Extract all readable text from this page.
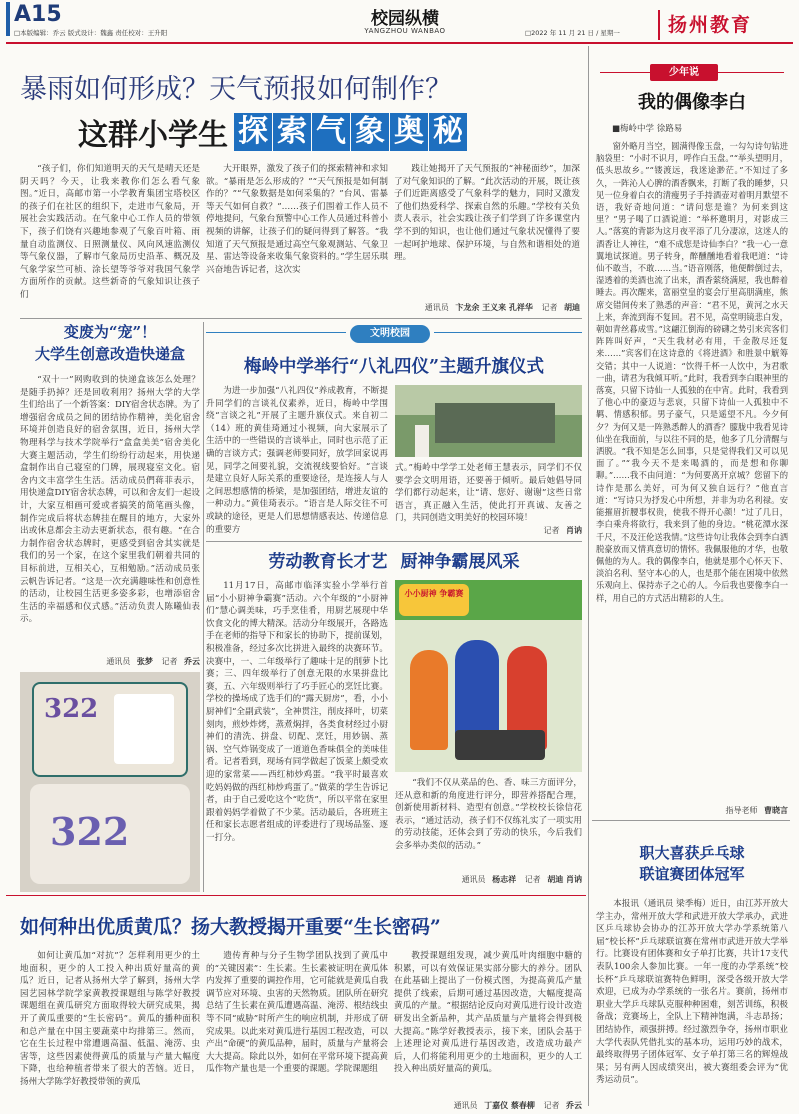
A15
□本版编辑：乔云 版式设计：魏鑫 责任校对：王升阳
校园纵横
YANGZHOU WANBAO	□2022 年 11 月 21 日 / 星期一	扬州教育
暴雨如何形成？天气预报如何制作？
这群小学生 探 索 气 象 奥 秘

“孩子们，你们知道明天的天气是晴天还是阴天吗？今天，让我来教你们怎么看气象图。”近日，高邮市第一小学教育集团宝塔校区的孩子们在社区的组织下，走进市气象局，开展社会实践活动。在气象中心工作人员的带领下，孩子们饶有兴趣地参观了气象百叶箱、雨量自动监测仪、日照测量仪、风向风速监测仪等气象仪器，了解市气象局历史沿革、概况及气象学家竺可桢、涂长望等爷爷对我国气象学方面所作的贡献。这些新奇的气象知识让孩子们

大开眼界，激发了孩子们的探索精神和求知欲。“暴雨是怎么形成的？”“天气预报是如何制作的？”“气象数据是如何采集的？”台风、雷暴等天气如何自救？”……孩子们围着工作人员不停地提问，气象台预警中心工作人员通过科普小视频的讲解，让孩子们的疑问得到了解答。“我知道了天气预报是通过高空气象观测站、气象卫星、雷达等设备来收集气象资料的。”学生居乐琪兴奋地告诉记者，这次实

践让她揭开了天气预报的“神秘面纱”，加深了对气象知识的了解。“此次活动的开展，既让孩子们近距离感受了气象科学的魅力，同时又激发了他们热爱科学、探索自然的乐趣。”学校有关负责人表示，社会实践让孩子们学到了许多课堂内学不到的知识，也让他们通过气象状况懂得了要一起呵护地球、保护环境，与自然和谐相处的道理。

通讯员 卞龙余 王义来 孔祥华 记者 胡迪
变废为“宠”！
大学生创意改造快递盒

“双十一”网购收到的快递盒该怎么处理？是随手扔掉？还是回收利用？扬州大学的大学生们给出了一个新答案：DIY宿舍状态牌。为了增强宿舍成员之间的团结协作精神，美化宿舍环境并创造良好的宿舍氛围，近日，扬州大学物理科学与技术学院举行“盒盒美美”宿舍美化大赛主题活动，学生们纷纷行动起来，用快递盒制作出自己寝室的门牌，展现寝室文化。宿舍内文丰富学生生活。活动成员們蒋菲表示，用快递盒DIY宿舍状态牌，可以和舍友们一起设计，大家互相画可爱或者搞笑的简笔画头像，制作完成后将状态牌挂在醒目的地方，大家外出或休息都会主动去更新状态，很有趣。“在合力制作宿舍状态牌时，更感受到宿舍其实就是我们的另一个家，在这个家里我们朝着共同的目标前进，互相关心，互相勉励。”活动成员张云帆告诉记者。“这是一次充满趣味性和创意性的活动，让校园生活更多姿多彩，也增添宿舍生活的幸福感和仪式感。”活动负责人陈曦仙表示。

通讯员 张梦 记者 乔云
322
322
文明校园
梅岭中学举行“八礼四仪”主题升旗仪式

为进一步加强“八礼四仪”养成教育，不断提升同学们的言谈礼仪素养，近日，梅岭中学围绕“言谈之礼”开展了主题升旗仪式。来自初二（14）班的黄佳琦通过小视频，向大家展示了生活中的一些错误的言谈举止，同时也示范了正确的言谈方式；强调老师要同好，放学回家说再见，同学之间要礼貌，交流视线要恰好。“言谈是建立良好人际关系的重要途径，是连接人与人之间思想感情的桥梁，是加强团结，增进友谊的一种动力。”黄佳琦表示。“语言是人际交往不可或缺的途径，更是人们思想情感表达、传递信息的重要方

式。”梅岭中学学工处老师王慧表示，同学们不仅要学会文明用语，还要善于倾听。最后她倡导同学们都行动起来，让“请、您好、谢谢”这些日常语言，真正融入生活，使此打开真诚、友善之门，共同创造文明美好的校园环境！

记者 肖讷
劳动教育长才艺 厨神争霸展风采

11月17日，高邮市临泽实验小学举行首届“小小厨神争霸赛”活动。六个年级的“小厨神们”慧心调美味，巧手烹佳肴，用厨艺展现中华饮食文化的博大精深。活动分年级展开，各路选手在老师的指导下和家长的协助下，提前谋划，积极准备，经过多次比拼进入最终的决赛环节。决赛中，一、二年级举行了趣味十足的削萝卜比赛；三、四年级举行了创意无限的水果拼盘比赛，五、六年级则举行了巧手匠心的烹饪比赛。学校的操场成了选手们的“露天厨房”，看，小小厨神们“全副武装”，全神贯注，削皮择叶，切菜刻肉，煎炒炸烤，蒸煮焖拌，各类食材经过小厨神们的清洗、拼盘、切配、烹饪，用妙锅、蒸锅、空气炸锅变成了一道道色香味俱全的美味佳肴。记者看到，现场有同学做起了饭菜上颇受欢迎的家常菜——西红柿炒鸡蛋。“我平时最喜欢吃妈妈做的西红柿炒鸡蛋了。”做菜的学生告诉记者，由于自己爱吃这个“吃货”，所以平常在家里跟着妈妈学着做了不少菜。活动最后，各班班主任和家长志愿者组成的评委进行了现场品鉴、逐一打分。

小小厨神 争霸赛

“我们不仅从菜品的色、香、味三方面评分，还从意和新的角度进行评分，即营养搭配合理，创新使用新材料、造型有创意。”学校校长徐信花表示，“通过活动，孩子们不仅练礼实了一项实用的劳动技能，还体会到了劳动的快乐，今后我们会多举办类似的活动。”

通讯员 杨志祥 记者 胡迪 肖讷
如何种出优质黄瓜？扬大教授揭开重要“生长密码”

如何让黄瓜加“对抗”？怎样利用更少的土地面积，更少的人工投入种出质好量高的黄瓜？近日，记者从扬州大学了解到，扬州大学园艺园林学院学家黄教授课题组与陈学好教授课题组在黄瓜研究方面取得较大研究成果，揭开了黄瓜重要的“生长密码”。黄瓜的播种面积和总产量在中国主要蔬菜中均排第三。然而，它在生长过程中常遭遇高温、低温、淹涝、虫害等，这些因素使得黄瓜的质量与产量大幅度下降，也给种植者带来了很大的苦恼。近日，扬州大学陈学好教授带领的黄瓜

遗传育种与分子生物学团队找到了黄瓜中的“关键因素”：生长素。生长素被证明在黄瓜体内发挥了重要的调控作用，它可能就是黄瓜自我调节应对环境、虫害的天然物质。团队所在研究总结了生长素在黄瓜遭遇高温、淹涝、根结线虫等不同“威胁”时所产生的响应机制，并形成了研究成果。以此来对黄瓜进行基因工程改造，可以产出“命硬”的黄瓜品种，届时，质量与产量将会大大提高。除此以外，如何在平常环境下提高黄瓜作物产量也是一个重要的课题。学院课题组

教授课题组发现，减少黄瓜叶肉细胞中糖的积累，可以有效保证果实部分膨大的养分。团队在此基础上提出了一份模式图，为提高黄瓜产量提供了线索，后期可通过基因改造，大幅度提高黄瓜的产量。“根据结论反向对黄瓜进行设计改造研发出全新品种，其产品质量与产量将会得到极大提高。”陈学好教授表示，接下来，团队会基于上述理论对黄瓜进行基因改造，改造成功最产后，人们将能利用更少的土地面积，更少的人工投入种出质好量高的黄瓜。

通讯员 丁嘉仪 蔡春柳 记者 乔云
少年说
我的偶像李白
■梅岭中学 徐路易

窗外略月当空，圆满得像玉盘，一勾勾诗句钻进脑袋里：“小时不识月，呼作白玉盘。”“举头望明月，低头思故乡。”“镂渡远，我迷途渺茫。”不知过了多久，一阵沁人心脾的酒香飘来，打断了我的睡梦，只见一位身着白衣的清瘦男子手持酒壶对着明月默望不语，我好奇地问道：“请问您是谁？为何来到这里？”男子喝了口酒说道：“举杯邀明月，对影成三人。”落寞的背影为这月夜平添了几分凄凉，这迷人的酒香让人神往，“难不成您是诗仙李白？”我一心一意翼地试探道。男子转身，醉醺醺地看着我吧道：“诗仙不敢当，不敢……当。”语音刚落，他便醉倒过去，湿透着的美酒也流了出来，酒香萦绕满屋，我也醉着睡去。再次醒来，富丽堂皇的宴会厅里高朋满座，熊席交错间传来了熟悉的声音：“君不见，黄河之水天上来，奔流到海不复回。君不见，高堂明镜悲白发，朝如青丝暮成雪。”这翩江倒海的磅礴之势引来宾客们阵阵叫好声，“天生我材必有用，千金散尽还复来……”宾客们在这诗意的《将进酒》和胜景中觥筹交错；其中一人说道：“饮得千杯一人饮中，为君歌一曲，请君为我倾耳听。”此时，我看到李白眼神里的落寞，只留下诗仙一人孤独的在中宵。此时，我看到了他心中的豪迈与悲哀，只留下诗仙一人孤独中不羁、情感积郁。男子豪气，只是遥望不凡。今夕何夕？为何又是一阵熟悉醉人的酒香？朦胧中我看见诗仙坐在我面前，与以往不同的是，他多了几分清醒与洒脱。“我不知是怎么回事，只是觉得我们又可以见面了。”“我今天不是来喝酒的，而是想和你聊聊。”……我不由问道：“为何要离开京城？您留下的诗作是那么美好，可为何又独自远行？”他直言道：“写诗只为抒发心中所想，并非为功名利禄。安能摧眉折腰事权贵，使我不得开心颜！”过了几日，李白乘舟将欲行，我来到了他的身边。“桃花潭水深千尺，不及汪伦送我情。”这些诗句让我体会到李白洒脱豪放而又情真意切的情怀。我佩服他的才华，也敬佩他的为人。我的偶像李白，他就是那个心怀天下、淡泊名利、坚守本心的人，也是那个能在困境中依然乐观向上、保持赤子之心的人。今后我也要像李白一样，用自己的方式活出精彩的人生。

指导老师 曹晓言
职大喜获乒乓球
联谊赛团体冠军

本报讯（通讯员 梁季梅）近日，由江苏开放大学主办，常州开放大学和武进开放大学承办，武进区乒乓球协会协办的江苏开放大学办学系统第八届“校长杯”乒乓球联谊赛在常州市武进开放大学举行。比赛设有团体赛和女子单打比赛，共计17支代表队100余人参加比赛。一年一度的办学系统“校长杯”乒乓球联谊赛特色鲜明，深受各级开放大学欢迎，已成为办学系统的一张名片。赛前，扬州市职业大学乒乓球队克服种种困难，刻苦训练，积极备战；竞赛场上，全队上下精神饱满，斗志昂扬；团结协作，顽强拼搏。经过激烈争夺，扬州市职业大学代表队凭借扎实的基本功，运用巧妙的战术，最终取得男子团体冠军、女子单打第三名的辉煌战果；另有两人因成绩突出，被大赛组委会评为“优秀运动员”。
